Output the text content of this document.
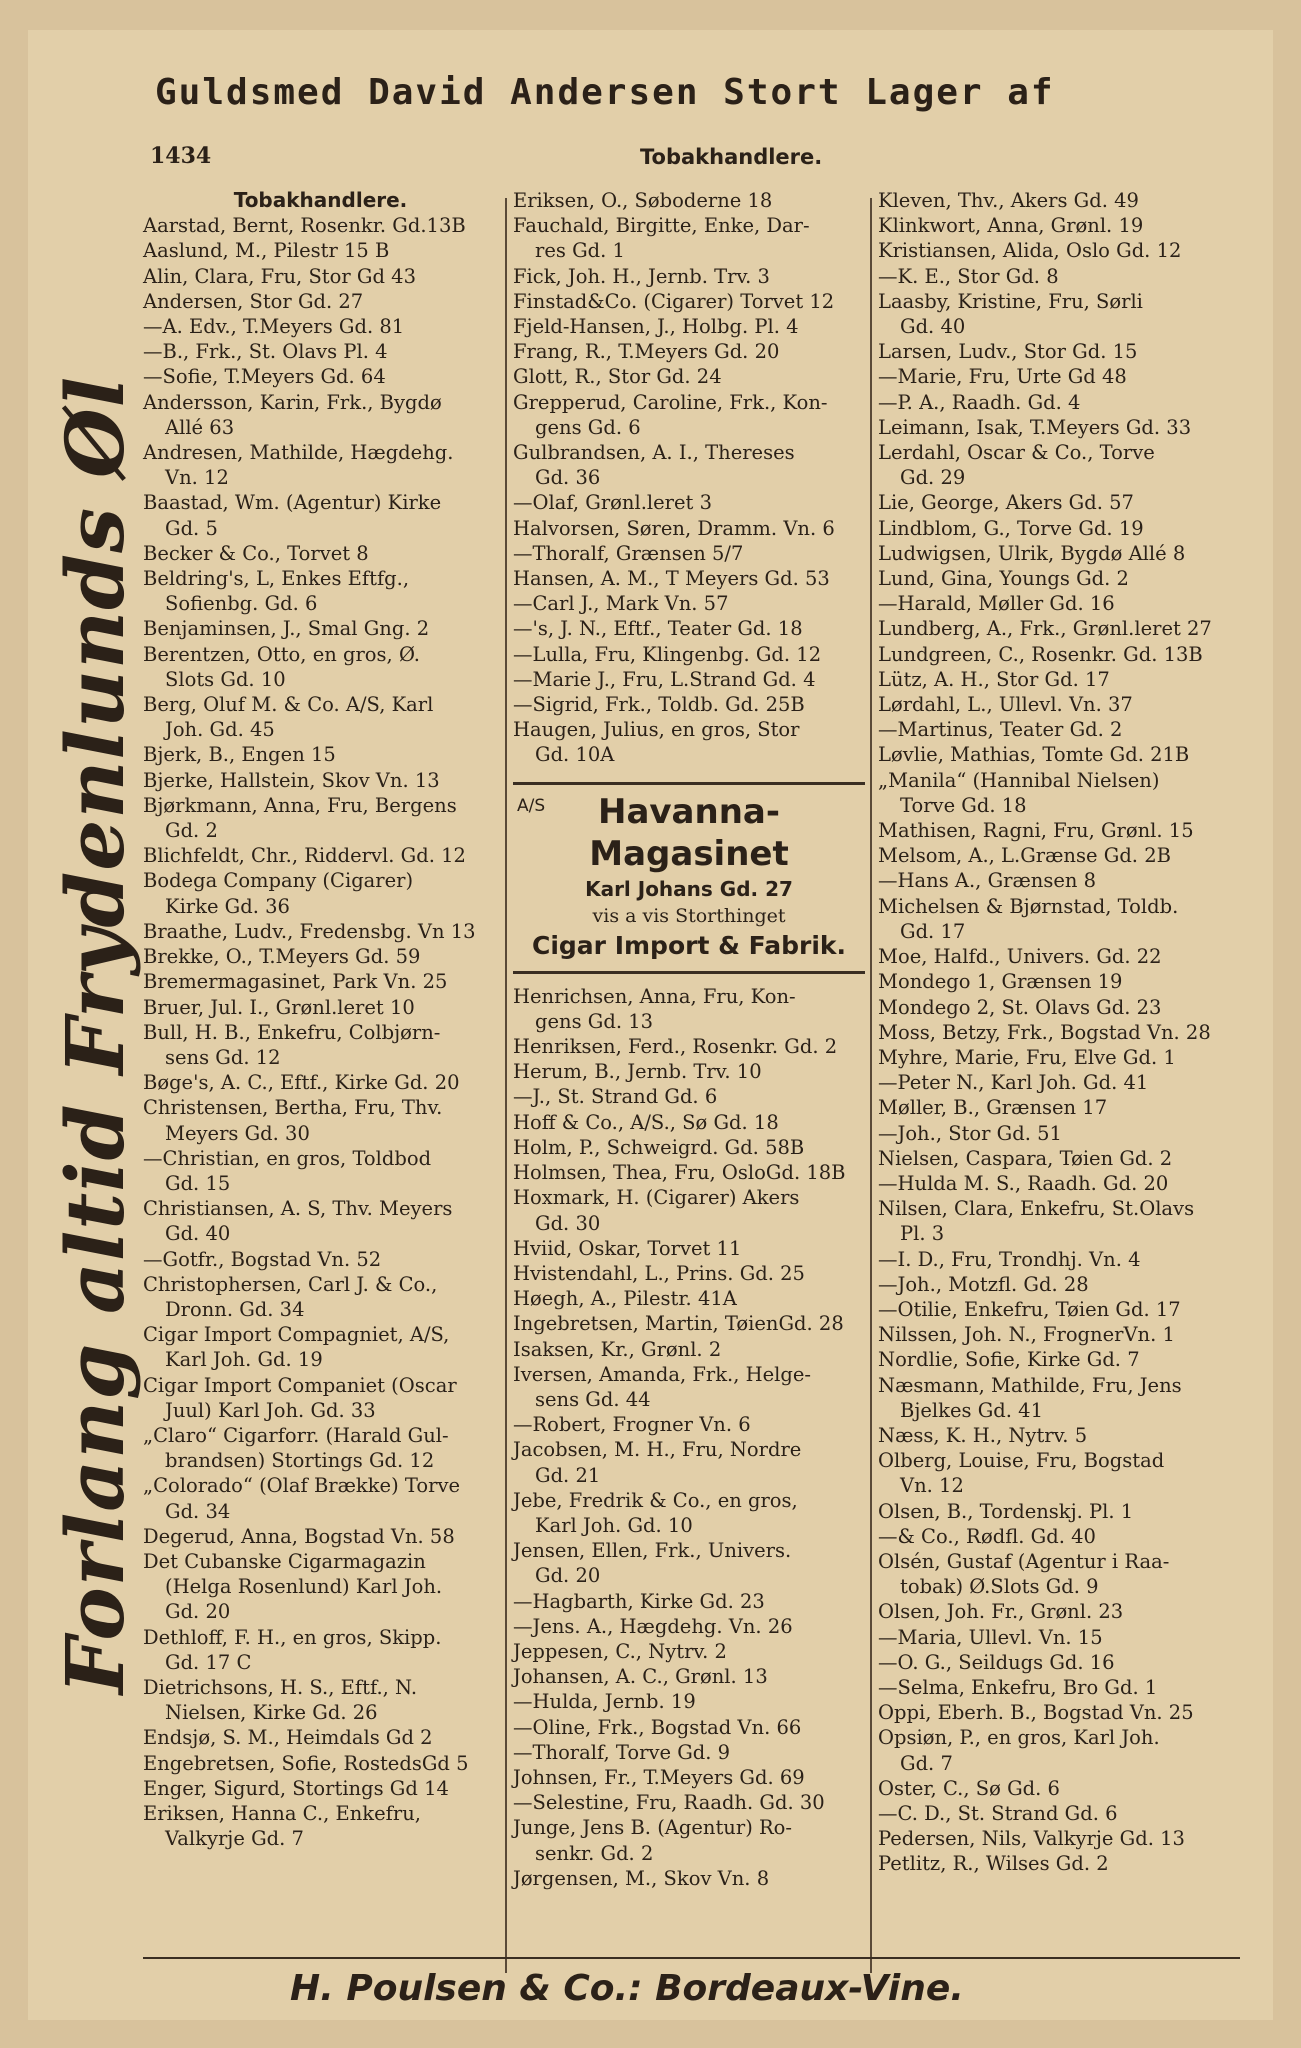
Guldsmed David Andersen Stort Lager af
1434	Tobakhandlere.
Forlang altid Frydenlunds Øl
Tobakhandlere.
Aarstad, Bernt, Rosenkr. Gd.13B
Aaslund, M., Pilestr 15 B
Alin, Clara, Fru, Stor Gd 43
Andersen, Stor Gd. 27
—A. Edv., T.Meyers Gd. 81
—B., Frk., St. Olavs Pl. 4
—Sofie, T.Meyers Gd. 64
Andersson, Karin, Frk., Bygdø
Allé 63
Andresen, Mathilde, Hægdehg.
Vn. 12
Baastad, Wm. (Agentur) Kirke
Gd. 5
Becker & Co., Torvet 8
Beldring's, L, Enkes Eftfg.,
Sofienbg. Gd. 6
Benjaminsen, J., Smal Gng. 2
Berentzen, Otto, en gros, Ø.
Slots Gd. 10
Berg, Oluf M. & Co. A/S, Karl
Joh. Gd. 45
Bjerk, B., Engen 15
Bjerke, Hallstein, Skov Vn. 13
Bjørkmann, Anna, Fru, Bergens
Gd. 2
Blichfeldt, Chr., Riddervl. Gd. 12
Bodega Company (Cigarer)
Kirke Gd. 36
Braathe, Ludv., Fredensbg. Vn 13
Brekke, O., T.Meyers Gd. 59
Bremermagasinet, Park Vn. 25
Bruer, Jul. I., Grønl.leret 10
Bull, H. B., Enkefru, Colbjørn-
sens Gd. 12
Bøge's, A. C., Eftf., Kirke Gd. 20
Christensen, Bertha, Fru, Thv.
Meyers Gd. 30
—Christian, en gros, Toldbod
Gd. 15
Christiansen, A. S, Thv. Meyers
Gd. 40
—Gotfr., Bogstad Vn. 52
Christophersen, Carl J. & Co.,
Dronn. Gd. 34
Cigar Import Compagniet, A/S,
Karl Joh. Gd. 19
Cigar Import Companiet (Oscar
Juul) Karl Joh. Gd. 33
„Claro“ Cigarforr. (Harald Gul-
brandsen) Stortings Gd. 12
„Colorado“ (Olaf Brække) Torve
Gd. 34
Degerud, Anna, Bogstad Vn. 58
Det Cubanske Cigarmagazin
(Helga Rosenlund) Karl Joh.
Gd. 20
Dethloff, F. H., en gros, Skipp.
Gd. 17 C
Dietrichsons, H. S., Eftf., N.
Nielsen, Kirke Gd. 26
Endsjø, S. M., Heimdals Gd 2
Engebretsen, Sofie, RostedsGd 5
Enger, Sigurd, Stortings Gd 14
Eriksen, Hanna C., Enkefru,
Valkyrje Gd. 7
Eriksen, O., Søboderne 18
Fauchald, Birgitte, Enke, Dar-
res Gd. 1
Fick, Joh. H., Jernb. Trv. 3
Finstad&Co. (Cigarer) Torvet 12
Fjeld-Hansen, J., Holbg. Pl. 4
Frang, R., T.Meyers Gd. 20
Glott, R., Stor Gd. 24
Grepperud, Caroline, Frk., Kon-
gens Gd. 6
Gulbrandsen, A. I., Thereses
Gd. 36
—Olaf, Grønl.leret 3
Halvorsen, Søren, Dramm. Vn. 6
—Thoralf, Grænsen 5/7
Hansen, A. M., T Meyers Gd. 53
—Carl J., Mark Vn. 57
—'s, J. N., Eftf., Teater Gd. 18
—Lulla, Fru, Klingenbg. Gd. 12
—Marie J., Fru, L.Strand Gd. 4
—Sigrid, Frk., Toldb. Gd. 25B
Haugen, Julius, en gros, Stor
Gd. 10A
A/S	Havanna-Magasinet
Karl Johans Gd. 27
vis a vis Storthinget
Cigar Import & Fabrik.
Henrichsen, Anna, Fru, Kon-
gens Gd. 13
Henriksen, Ferd., Rosenkr. Gd. 2
Herum, B., Jernb. Trv. 10
—J., St. Strand Gd. 6
Hoff & Co., A/S., Sø Gd. 18
Holm, P., Schweigrd. Gd. 58B
Holmsen, Thea, Fru, OsloGd. 18B
Hoxmark, H. (Cigarer) Akers
Gd. 30
Hviid, Oskar, Torvet 11
Hvistendahl, L., Prins. Gd. 25
Høegh, A., Pilestr. 41A
Ingebretsen, Martin, TøienGd. 28
Isaksen, Kr., Grønl. 2
Iversen, Amanda, Frk., Helge-
sens Gd. 44
—Robert, Frogner Vn. 6
Jacobsen, M. H., Fru, Nordre
Gd. 21
Jebe, Fredrik & Co., en gros,
Karl Joh. Gd. 10
Jensen, Ellen, Frk., Univers.
Gd. 20
—Hagbarth, Kirke Gd. 23
—Jens. A., Hægdehg. Vn. 26
Jeppesen, C., Nytrv. 2
Johansen, A. C., Grønl. 13
—Hulda, Jernb. 19
—Oline, Frk., Bogstad Vn. 66
—Thoralf, Torve Gd. 9
Johnsen, Fr., T.Meyers Gd. 69
—Selestine, Fru, Raadh. Gd. 30
Junge, Jens B. (Agentur) Ro-
senkr. Gd. 2
Jørgensen, M., Skov Vn. 8
Kleven, Thv., Akers Gd. 49
Klinkwort, Anna, Grønl. 19
Kristiansen, Alida, Oslo Gd. 12
—K. E., Stor Gd. 8
Laasby, Kristine, Fru, Sørli
Gd. 40
Larsen, Ludv., Stor Gd. 15
—Marie, Fru, Urte Gd 48
—P. A., Raadh. Gd. 4
Leimann, Isak, T.Meyers Gd. 33
Lerdahl, Oscar & Co., Torve
Gd. 29
Lie, George, Akers Gd. 57
Lindblom, G., Torve Gd. 19
Ludwigsen, Ulrik, Bygdø Allé 8
Lund, Gina, Youngs Gd. 2
—Harald, Møller Gd. 16
Lundberg, A., Frk., Grønl.leret 27
Lundgreen, C., Rosenkr. Gd. 13B
Lütz, A. H., Stor Gd. 17
Lørdahl, L., Ullevl. Vn. 37
—Martinus, Teater Gd. 2
Løvlie, Mathias, Tomte Gd. 21B
„Manila“ (Hannibal Nielsen)
Torve Gd. 18
Mathisen, Ragni, Fru, Grønl. 15
Melsom, A., L.Grænse Gd. 2B
—Hans A., Grænsen 8
Michelsen & Bjørnstad, Toldb.
Gd. 17
Moe, Halfd., Univers. Gd. 22
Mondego 1, Grænsen 19
Mondego 2, St. Olavs Gd. 23
Moss, Betzy, Frk., Bogstad Vn. 28
Myhre, Marie, Fru, Elve Gd. 1
—Peter N., Karl Joh. Gd. 41
Møller, B., Grænsen 17
—Joh., Stor Gd. 51
Nielsen, Caspara, Tøien Gd. 2
—Hulda M. S., Raadh. Gd. 20
Nilsen, Clara, Enkefru, St.Olavs
Pl. 3
—I. D., Fru, Trondhj. Vn. 4
—Joh., Motzfl. Gd. 28
—Otilie, Enkefru, Tøien Gd. 17
Nilssen, Joh. N., FrognerVn. 1
Nordlie, Sofie, Kirke Gd. 7
Næsmann, Mathilde, Fru, Jens
Bjelkes Gd. 41
Næss, K. H., Nytrv. 5
Olberg, Louise, Fru, Bogstad
Vn. 12
Olsen, B., Tordenskj. Pl. 1
—& Co., Rødfl. Gd. 40
Olsén, Gustaf (Agentur i Raa-
tobak) Ø.Slots Gd. 9
Olsen, Joh. Fr., Grønl. 23
—Maria, Ullevl. Vn. 15
—O. G., Seildugs Gd. 16
—Selma, Enkefru, Bro Gd. 1
Oppi, Eberh. B., Bogstad Vn. 25
Opsiøn, P., en gros, Karl Joh.
Gd. 7
Oster, C., Sø Gd. 6
—C. D., St. Strand Gd. 6
Pedersen, Nils, Valkyrje Gd. 13
Petlitz, R., Wilses Gd. 2
H. Poulsen & Co.: Bordeaux-Vine.
